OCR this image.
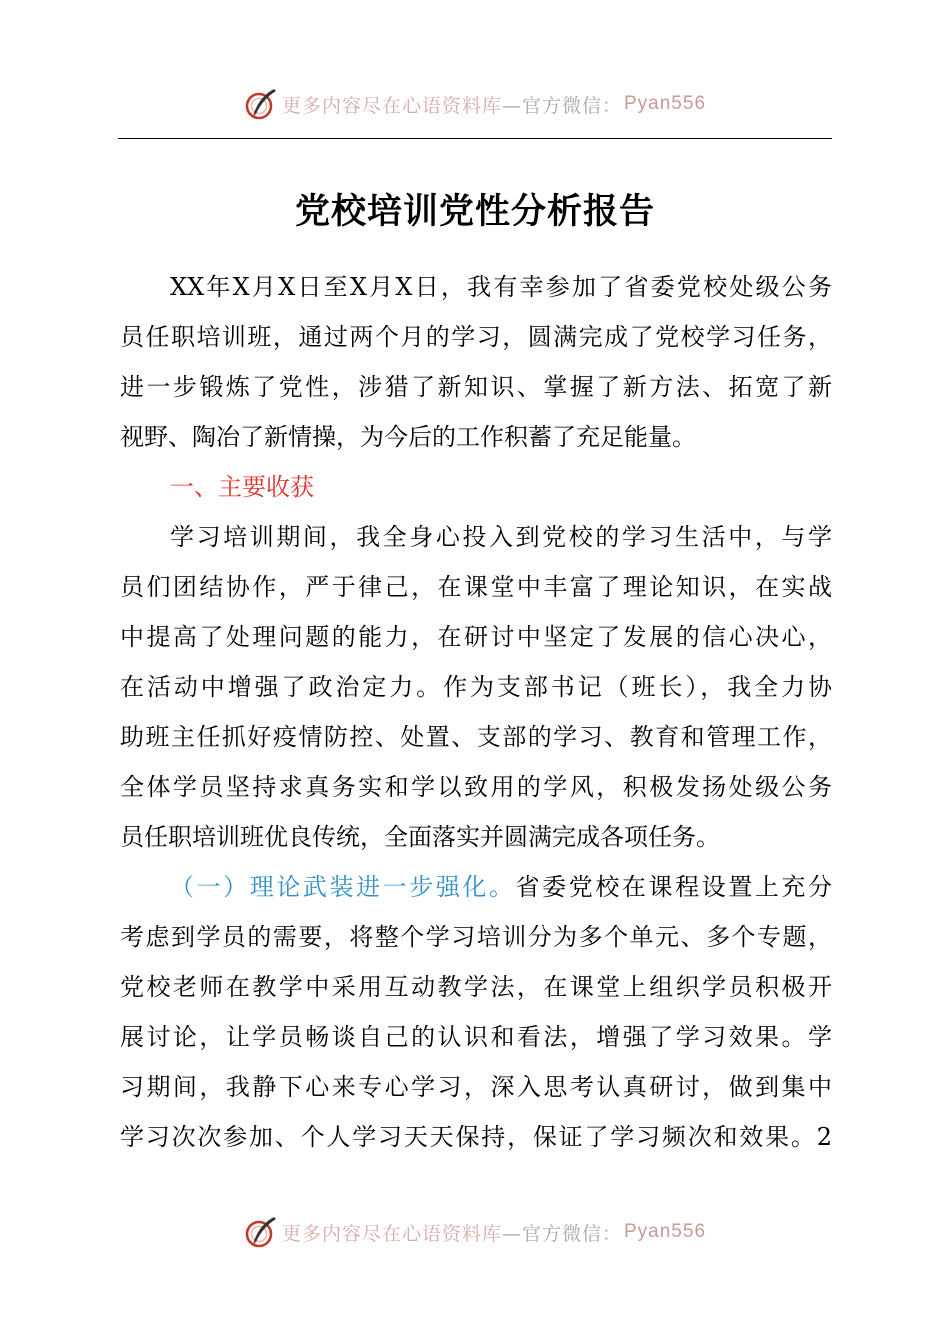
更多内容尽在心语资料库 —官方微信： Pyan556
党校培训党性分析报告
XX年X月X日至X月X日，我有幸参加了省委党校处级公务
员任职培训班，通过两个月的学习，圆满完成了党校学习任务，
进一步锻炼了党性，涉猎了新知识、掌握了新方法、拓宽了新
视野、陶冶了新情操，为今后的工作积蓄了充足能量。
一、主要收获
学习培训期间，我全身心投入到党校的学习生活中，与学
员们团结协作，严于律己，在课堂中丰富了理论知识，在实战
中提高了处理问题的能力，在研讨中坚定了发展的信心决心，
在活动中增强了政治定力。作为支部书记（班长），我全力协
助班主任抓好疫情防控、处置、支部的学习、教育和管理工作，
全体学员坚持求真务实和学以致用的学风，积极发扬处级公务
员任职培训班优良传统，全面落实并圆满完成各项任务。
（一）理论武装进一步强化。省委党校在课程设置上充分
考虑到学员的需要，将整个学习培训分为多个单元、多个专题，
党校老师在教学中采用互动教学法，在课堂上组织学员积极开
展讨论，让学员畅谈自己的认识和看法，增强了学习效果。学
习期间，我静下心来专心学习，深入思考认真研讨，做到集中
学习次次参加、个人学习天天保持，保证了学习频次和效果。2
更多内容尽在心语资料库 —官方微信： Pyan556
